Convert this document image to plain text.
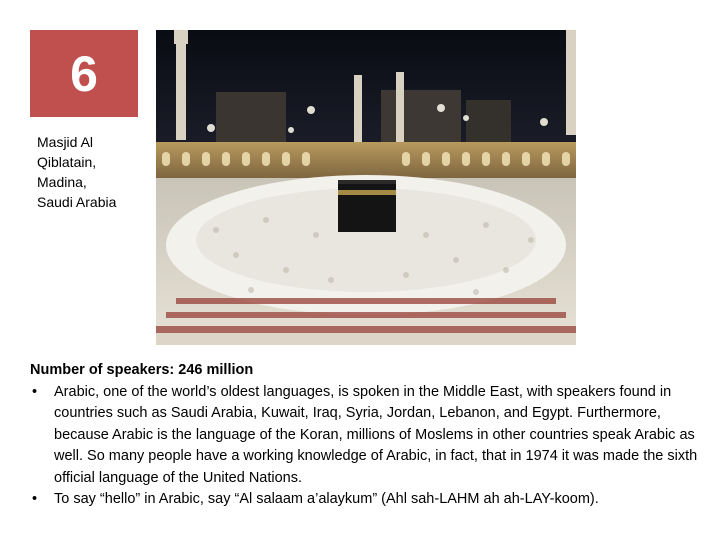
6
Masjid Al
Qiblatain,
Madina,
Saudi Arabia

Number of speakers: 246 million

• Arabic, one of the world’s oldest languages, is spoken in the Middle East, with speakers found in countries such as Saudi Arabia, Kuwait, Iraq, Syria, Jordan, Lebanon, and Egypt. Furthermore, because Arabic is the language of the Koran, millions of Moslems in other countries speak Arabic as well. So many people have a working knowledge of Arabic, in fact, that in 1974 it was made the sixth official language of the United Nations.
• To say “hello” in Arabic, say “Al salaam a’alaykum” (Ahl sah-LAHM ah ah-LAY-koom).
